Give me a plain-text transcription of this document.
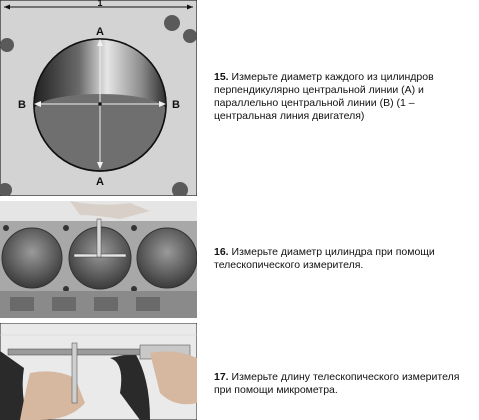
1
A
A
B	B
15. Измерьте диаметр каждого из цилиндров перпендикулярно центральной линии (А) и параллельно центральной линии (В) (1 – центральная линия двигателя)
16. Измерьте диаметр цилиндра при помощи телескопического измерителя.
17. Измерьте длину телескопического измерителя при помощи микрометра.
